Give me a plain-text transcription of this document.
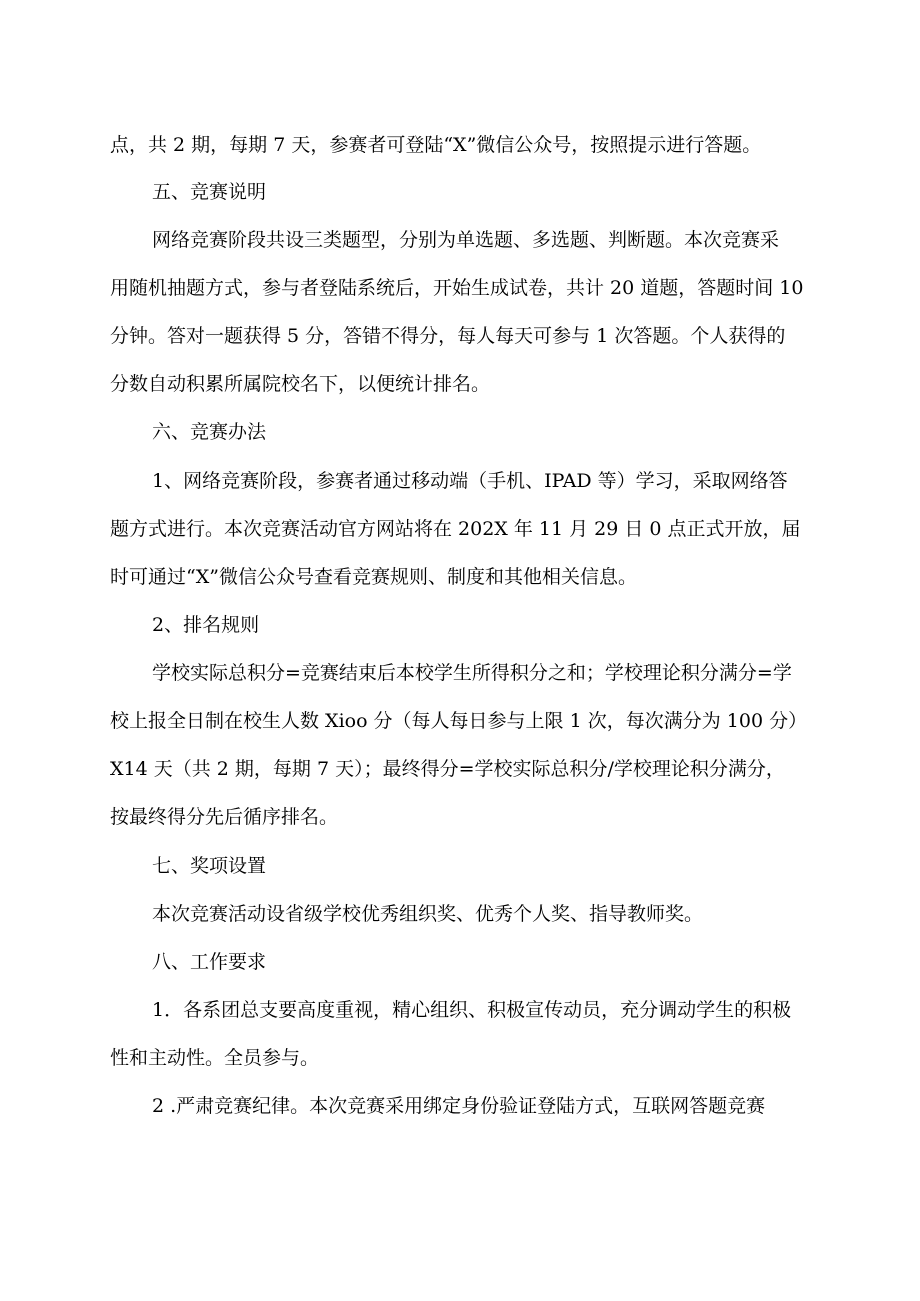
点，共 2 期，每期 7 天，参赛者可登陆“X”微信公众号，按照提示进行答题。
五、竞赛说明
网络竞赛阶段共设三类题型，分别为单选题、多选题、判断题。本次竞赛采
用随机抽题方式，参与者登陆系统后，开始生成试卷，共计 20 道题，答题时间 10
分钟。答对一题获得 5 分，答错不得分，每人每天可参与 1 次答题。个人获得的
分数自动积累所属院校名下，以便统计排名。
六、竞赛办法
1、网络竞赛阶段，参赛者通过移动端（手机、IPAD 等）学习，采取网络答
题方式进行。本次竞赛活动官方网站将在 202X 年 11 月 29 日 0 点正式开放，届
时可通过“X”微信公众号查看竞赛规则、制度和其他相关信息。
2、排名规则
学校实际总积分=竞赛结束后本校学生所得积分之和；学校理论积分满分=学
校上报全日制在校生人数 Xioo 分（每人每日参与上限 1 次，每次满分为 100 分）
X14 天（共 2 期，每期 7 天）；最终得分=学校实际总积分/学校理论积分满分，
按最终得分先后循序排名。
七、奖项设置
本次竞赛活动设省级学校优秀组织奖、优秀个人奖、指导教师奖。
八、工作要求
1．各系团总支要高度重视，精心组织、积极宣传动员，充分调动学生的积极
性和主动性。全员参与。
2 .严肃竞赛纪律。本次竞赛采用绑定身份验证登陆方式，互联网答题竞赛
